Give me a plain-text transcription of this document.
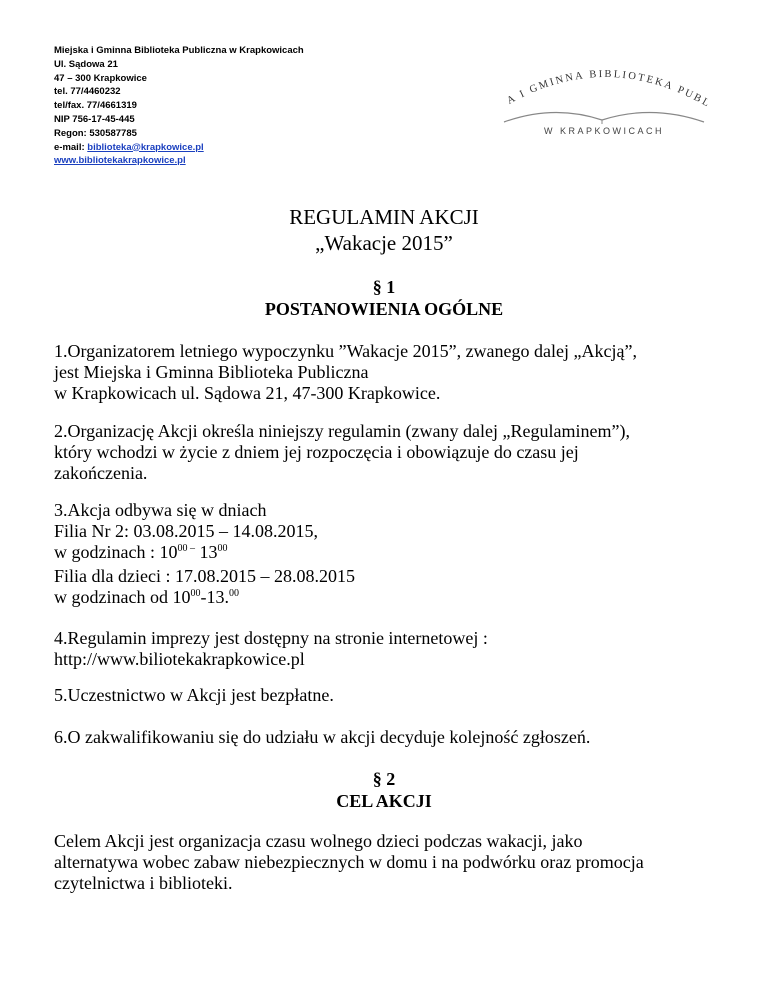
Miejska i Gminna Biblioteka Publiczna w Krapkowicach
Ul. Sądowa 21
47 – 300 Krapkowice
tel. 77/4460232
tel/fax. 77/4661319
NIP 756-17-45-445
Regon: 530587785
e-mail: biblioteka@krapkowice.pl
www.bibliotekakrapkowice.pl
A I GMINNA BIBLIOTEKA PUBL
W KRAPKOWICACH
REGULAMIN AKCJI
„Wakacje 2015”
§ 1
POSTANOWIENIA OGÓLNE

1.Organizatorem letniego wypoczynku ”Wakacje 2015”, zwanego dalej „Akcją”,

jest Miejska i Gminna Biblioteka Publiczna

w Krapkowicach ul. Sądowa 21, 47-300 Krapkowice.

2.Organizację Akcji określa niniejszy regulamin (zwany dalej „Regulaminem”),

który wchodzi w życie z dniem jej rozpoczęcia i obowiązuje do czasu jej

zakończenia.

3.Akcja odbywa się w dniach

Filia Nr 2: 03.08.2015 – 14.08.2015,

w godzinach : $10^{00 -}$ $13^{00}$

Filia dla dzieci : 17.08.2015 – 28.08.2015

w godzinach od $10^{00}-13.00$

4.Regulamin imprezy jest dostępny na stronie internetowej :

http://www.biliotekakrapkowice.pl

5.Uczestnictwo w Akcji jest bezpłatne.

6.O zakwalifikowaniu się do udziału w akcji decyduje kolejność zgłoszeń.

§ 2
CEL AKCJI

Celem Akcji jest organizacja czasu wolnego dzieci podczas wakacji, jako

alternatywa wobec zabaw niebezpiecznych w domu i na podwórku oraz promocja

czytelnictwa i biblioteki.
